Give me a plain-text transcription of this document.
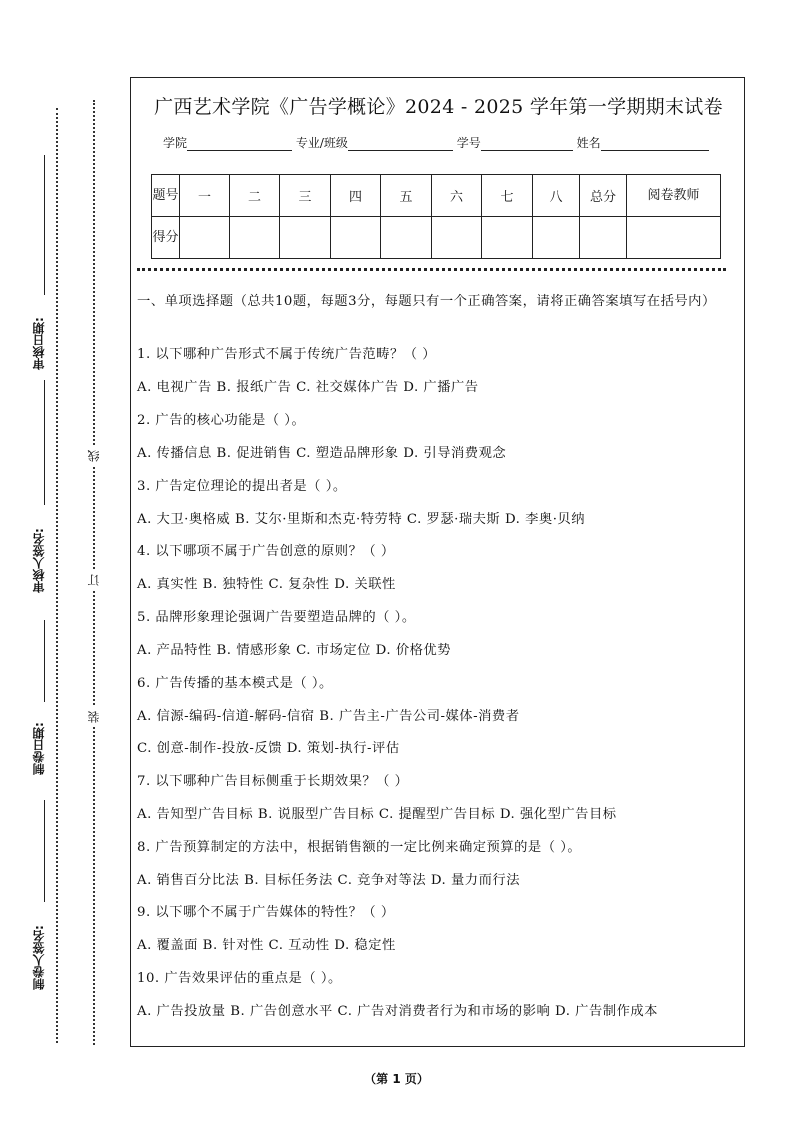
审核日期:
审核人签名:
制卷日期:
制卷人签名:
线
订
装
广西艺术学院《广告学概论》2024 - 2025 学年第一学期期末试卷
学院	专业/班级	学号	姓名
题号	一	二	三	四	五	六	七	八	总分	阅卷教师
得分										
一、单项选择题（总共10题，每题3分，每题只有一个正确答案，请将正确答案填写在括号内）
1. 以下哪种广告形式不属于传统广告范畴？（ ）
A. 电视广告 B. 报纸广告 C. 社交媒体广告 D. 广播广告
2. 广告的核心功能是（ ）。
A. 传播信息 B. 促进销售 C. 塑造品牌形象 D. 引导消费观念
3. 广告定位理论的提出者是（ ）。
A. 大卫·奥格威 B. 艾尔·里斯和杰克·特劳特 C. 罗瑟·瑞夫斯 D. 李奥·贝纳
4. 以下哪项不属于广告创意的原则？（ ）
A. 真实性 B. 独特性 C. 复杂性 D. 关联性
5. 品牌形象理论强调广告要塑造品牌的（ ）。
A. 产品特性 B. 情感形象 C. 市场定位 D. 价格优势
6. 广告传播的基本模式是（ ）。
A. 信源-编码-信道-解码-信宿 B. 广告主-广告公司-媒体-消费者
C. 创意-制作-投放-反馈 D. 策划-执行-评估
7. 以下哪种广告目标侧重于长期效果？（ ）
A. 告知型广告目标 B. 说服型广告目标 C. 提醒型广告目标 D. 强化型广告目标
8. 广告预算制定的方法中，根据销售额的一定比例来确定预算的是（ ）。
A. 销售百分比法 B. 目标任务法 C. 竞争对等法 D. 量力而行法
9. 以下哪个不属于广告媒体的特性？（ ）
A. 覆盖面 B. 针对性 C. 互动性 D. 稳定性
10. 广告效果评估的重点是（ ）。
A. 广告投放量 B. 广告创意水平 C. 广告对消费者行为和市场的影响 D. 广告制作成本
（第 1 页）
